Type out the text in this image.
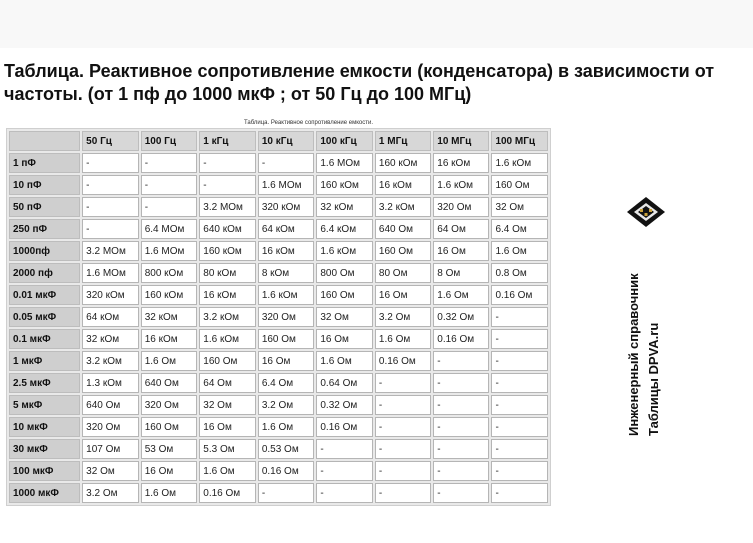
Таблица. Реактивное сопротивление емкости (конденсатора) в зависимости от частоты. (от 1 пф до 1000 мкФ ; от 50 Гц до 100 МГц)
Таблица. Реактивное сопротивление емкости.
	50 Гц	100 Гц	1 кГц	10 кГц	100 кГц	1 МГц	10 МГц	100 МГц
1 пФ	-	-	-	-	1.6 МОм	160 кОм	16 кОм	1.6 кОм
10 пФ	-	-	-	1.6 МОм	160 кОм	16 кОм	1.6 кОм	160 Ом
50 пФ	-	-	3.2 МОм	320 кОм	32 кОм	3.2 кОм	320 Ом	32 Ом
250 пФ	-	6.4 МОм	640 кОм	64 кОм	6.4 кОм	640 Ом	64 Ом	6.4 Ом
1000пф	3.2 МОм	1.6 МОм	160 кОм	16 кОм	1.6 кОм	160 Ом	16 Ом	1.6 Ом
2000 пф	1.6 МОм	800 кОм	80 кОм	8 кОм	800 Ом	80 Ом	8 Ом	0.8 Ом
0.01 мкФ	320 кОм	160 кОм	16 кОм	1.6 кОм	160 Ом	16 Ом	1.6 Ом	0.16 Ом
0.05 мкФ	64 кОм	32 кОм	3.2 кОм	320 Ом	32 Ом	3.2 Ом	0.32 Ом	-
0.1 мкФ	32 кОм	16 кОм	1.6 кОм	160 Ом	16 Ом	1.6 Ом	0.16 Ом	-
1 мкФ	3.2 кОм	1.6 Ом	160 Ом	16 Ом	1.6 Ом	0.16 Ом	-	-
2.5 мкФ	1.3 кОм	640 Ом	64 Ом	6.4 Ом	0.64 Ом	-	-	-
5 мкФ	640 Ом	320 Ом	32 Ом	3.2 Ом	0.32 Ом	-	-	-
10 мкФ	320 Ом	160 Ом	16 Ом	1.6 Ом	0.16 Ом	-	-	-
30 мкФ	107 Ом	53 Ом	5.3 Ом	0.53 Ом	-	-	-	-
100 мкФ	32 Ом	16 Ом	1.6 Ом	0.16 Ом	-	-	-	-
1000 мкФ	3.2 Ом	1.6 Ом	0.16 Ом	-	-	-	-	-
Инженерный справочник Таблицы DPVA.ru
